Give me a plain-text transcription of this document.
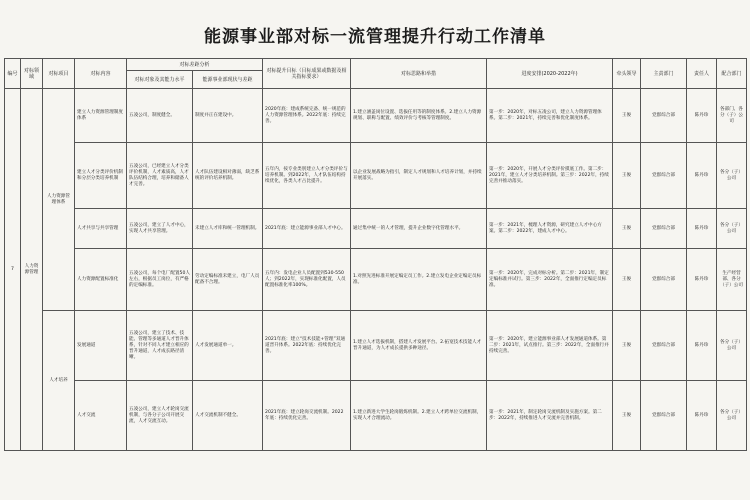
能源事业部对标一流管理提升行动工作清单
编号	对标领域	对标项目	对标内容	对标差距分析		对标提升目标（目标成果或数据及相关指标要求）	对标思路和举措	进度安排(2020-2022年)	牵头领导	主责部门	责任人	配合部门
				对标对象及其能力水平	能源事业部现状与差距							
7	人力资源管理	人力资源管理体系	建立人力资源管理制度体系	五凌公司，制度健全。	制度并正在建设中。	2020年底：建成系统完备、统一规范的人力资源管理体系。2022年底：持续完善。	1.建立涵盖岗位设置、选拔任用等的制度体系。2.建立人力资源规划、职称与配置、绩效评价与考核等管理制度。	第一步：2020年，对标五凌公司，建立人力资源管理体系。第二步：2021年，持续完善和优化制度体系。	王俊	党群综合部	陈丹珍	各部门、各分（子）公司
			建立人才分类评价机制和分层分类培养机制	五凌公司，已经建立人才分类评价机制，人才素质高，人才队伍结构合理，培养和储备人才完善。	人才队伍建设相对薄弱，缺乏系统的评价培养机制。	五年内，按专业类别建立人才分类评价与培养机制。到2022年，人才队伍结构持续优化，各类人才占比提升。	以企业发展战略为指引，制定人才规划和人才培养计划，并持续开展落实。	第一步：2020年，开展人才分类评价摸底工作。第二步：2021年，建立人才分类培养机制。第三步：2022年，持续完善并推动落实。	王俊	党群综合部	陈丹珍	各分（子）公司
			人才共享与共享管理	五凌公司，建立了人才中心，实现人才共享管理。	未建立人才库和统一管理机制。	2021年底：建立能源事业部人才中心。	通过集中统一的人才管理，提升企业数字化管理水平。	第一步：2021年，梳理人才资源，研究建立人才中心方案。第二步：2022年，建成人才中心。	王俊	党群综合部	陈丹珍	各分（子）公司
			人力资源配置标准化	五凌公司，每个电厂配置50人左右，根据员工岗位，有严格的定编标准。	劳动定编标准未建立，电厂人员配备不合理。	五年内：发电企业人员配置到530-550人；到2022年，实现标准化配置，人员配置标准化率100%。	1.对照先进标准开展定编定员工作。2.建立发电企业定编定员标准。	第一步：2020年，完成对标分析。第二步：2021年，制定定编标准并试行。第三步：2022年，全面推行定编定员标准。	王俊	党群综合部	陈丹珍	生产经营部、各分（子）公司
		人才培养	发展通道	五凌公司，建立了技术、技能、管理等多通道人才晋升体系，针对不同人才建立相应的晋升通道，人才成长路径清晰。	人才发展通道单一。	2021年底：建立“技术技能+管理”双通道晋升体系。2022年底：持续优化完善。	1.建立人才选拔机制，搭建人才发展平台。2.拓宽技术技能人才晋升通道，为人才成长提供多种途径。	第一步：2020年，建立能源事业部人才发展通道体系。第二步：2021年，试点推行。第三步：2022年，全面推行并持续完善。	王俊	党群综合部	陈丹珍	各分（子）公司
			人才交流	五凌公司，建立人才轮岗交流机制，与各分子公司开展交流，人才交流互动。	人才交流机制不健全。	2021年底：建立轮岗交流机制。2022年底：持续优化完善。	1.建立新进大学生轮岗锻炼机制。2.建立人才跨单位交流机制，实现人才合理流动。	第一步：2021年，制定轮岗交流机制及实施方案。第二步：2022年，持续推进人才交流并完善机制。	王俊	党群综合部	陈丹珍	各分（子）公司
